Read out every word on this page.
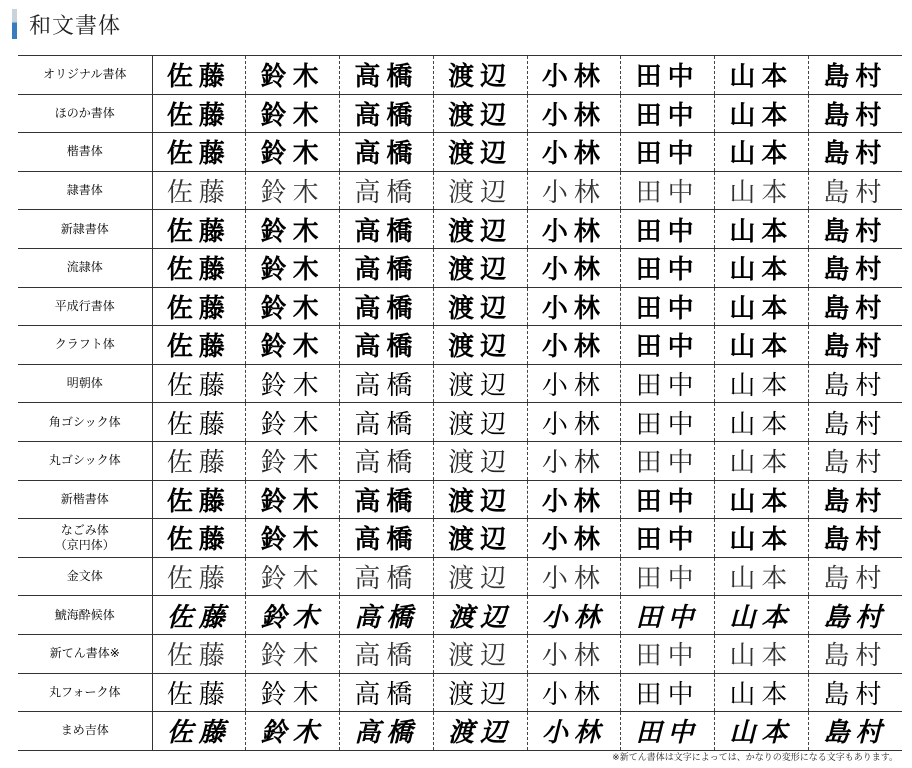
和文書体
オリジナル書体	佐藤	鈴木	高橋	渡辺	小林	田中	山本	島村
ほのか書体	佐藤	鈴木	高橋	渡辺	小林	田中	山本	島村
楷書体	佐藤	鈴木	高橋	渡辺	小林	田中	山本	島村
隷書体	佐藤	鈴木	高橋	渡辺	小林	田中	山本	島村
新隷書体	佐藤	鈴木	高橋	渡辺	小林	田中	山本	島村
流隷体	佐藤	鈴木	高橋	渡辺	小林	田中	山本	島村
平成行書体	佐藤	鈴木	高橋	渡辺	小林	田中	山本	島村
クラフト体	佐藤	鈴木	高橋	渡辺	小林	田中	山本	島村
明朝体	佐藤	鈴木	高橋	渡辺	小林	田中	山本	島村
角ゴシック体	佐藤	鈴木	高橋	渡辺	小林	田中	山本	島村
丸ゴシック体	佐藤	鈴木	高橋	渡辺	小林	田中	山本	島村
新楷書体	佐藤	鈴木	高橋	渡辺	小林	田中	山本	島村
なごみ体
（京円体）	佐藤	鈴木	高橋	渡辺	小林	田中	山本	島村
金文体	佐藤	鈴木	高橋	渡辺	小林	田中	山本	島村
鯱海酔候体	佐藤	鈴木	高橋	渡辺	小林	田中	山本	島村
新てん書体※	佐藤	鈴木	高橋	渡辺	小林	田中	山本	島村
丸フォーク体	佐藤	鈴木	高橋	渡辺	小林	田中	山本	島村
まめ吉体	佐藤	鈴木	高橋	渡辺	小林	田中	山本	島村
※新てん書体は文字によっては、かなりの変形になる文字もあります。
